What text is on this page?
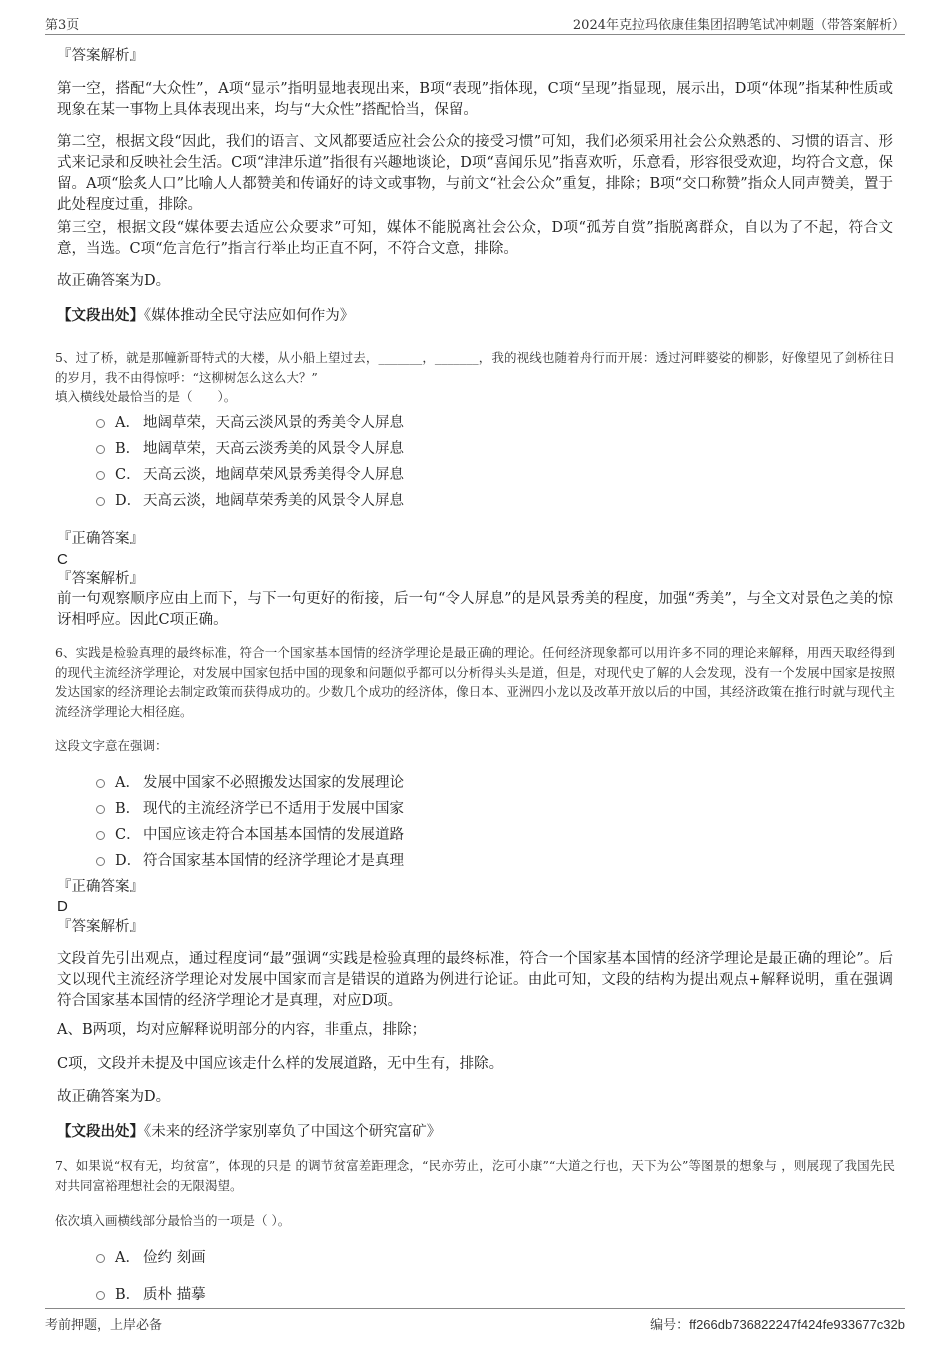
第3页	2024年克拉玛依康佳集团招聘笔试冲刺题（带答案解析）

『答案解析』

第一空，搭配“大众性”，A项“显示”指明显地表现出来，B项“表现”指体现，C项“呈现”指显现，展示出，D项“体现”指某种性质或现象在某一事物上具体表现出来，均与“大众性”搭配恰当，保留。

第二空，根据文段“因此，我们的语言、文风都要适应社会公众的接受习惯”可知，我们必须采用社会公众熟悉的、习惯的语言、形式来记录和反映社会生活。C项“津津乐道”指很有兴趣地谈论，D项“喜闻乐见”指喜欢听，乐意看，形容很受欢迎，均符合文意，保留。A项“脍炙人口”比喻人人都赞美和传诵好的诗文或事物，与前文“社会公众”重复，排除；B项“交口称赞”指众人同声赞美，置于此处程度过重，排除。

第三空，根据文段“媒体要去适应公众要求”可知，媒体不能脱离社会公众，D项“孤芳自赏”指脱离群众，自以为了不起，符合文意，当选。C项“危言危行”指言行举止均正直不阿，不符合文意，排除。

故正确答案为D。

【文段出处】《媒体推动全民守法应如何作为》

5、过了桥，就是那幢新哥特式的大楼，从小船上望过去，_______，_______，我的视线也随着舟行而开展：透过河畔婆娑的柳影，好像望见了剑桥往日的岁月，我不由得惊呼：“这柳树怎么这么大？”

填入横线处最恰当的是（　　）。

A． 地阔草荣，天高云淡风景的秀美令人屏息
B． 地阔草荣，天高云淡秀美的风景令人屏息
C． 天高云淡，地阔草荣风景秀美得令人屏息
D． 天高云淡，地阔草荣秀美的风景令人屏息

『正确答案』

C

『答案解析』

前一句观察顺序应由上而下，与下一句更好的衔接，后一句“令人屏息”的是风景秀美的程度，加强“秀美”，与全文对景色之美的惊讶相呼应。因此C项正确。

6、实践是检验真理的最终标准，符合一个国家基本国情的经济学理论是最正确的理论。任何经济现象都可以用许多不同的理论来解释，用西天取经得到的现代主流经济学理论，对发展中国家包括中国的现象和问题似乎都可以分析得头头是道，但是，对现代史了解的人会发现，没有一个发展中国家是按照发达国家的经济理论去制定政策而获得成功的。少数几个成功的经济体，像日本、亚洲四小龙以及改革开放以后的中国，其经济政策在推行时就与现代主流经济学理论大相径庭。

这段文字意在强调：

A． 发展中国家不必照搬发达国家的发展理论
B． 现代的主流经济学已不适用于发展中国家
C． 中国应该走符合本国基本国情的发展道路
D． 符合国家基本国情的经济学理论才是真理

『正确答案』

D

『答案解析』

文段首先引出观点，通过程度词“最”强调“实践是检验真理的最终标准，符合一个国家基本国情的经济学理论是最正确的理论”。后文以现代主流经济学理论对发展中国家而言是错误的道路为例进行论证。由此可知，文段的结构为提出观点+解释说明，重在强调符合国家基本国情的经济学理论才是真理，对应D项。

A、B两项，均对应解释说明部分的内容，非重点，排除；

C项，文段并未提及中国应该走什么样的发展道路，无中生有，排除。

故正确答案为D。

【文段出处】《未来的经济学家别辜负了中国这个研究富矿》

7、如果说“权有无，均贫富”，体现的只是 的调节贫富差距理念，“民亦劳止，汔可小康”“大道之行也，天下为公”等图景的想象与 ，则展现了我国先民对共同富裕理想社会的无限渴望。

依次填入画横线部分最恰当的一项是（ ）。

A． 俭约 刻画
B． 质朴 描摹
考前押题，上岸必备	编号：ff266db736822247f424fe933677c32b
